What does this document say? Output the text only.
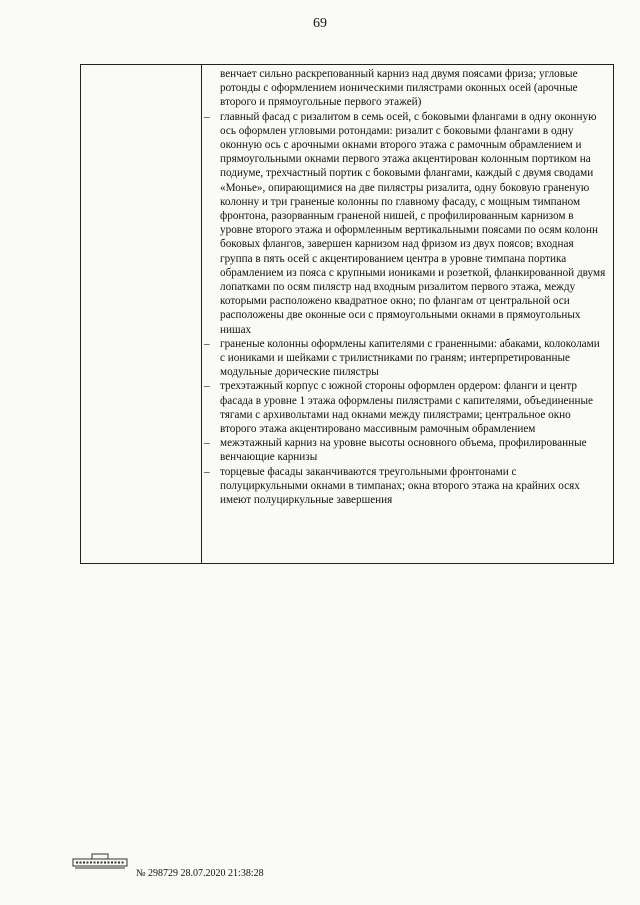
69
венчает сильно раскрепованный карниз над двумя поясами фриза; угловые ротонды с оформлением ионическими пилястрами оконных осей (арочные второго и прямоугольные первого этажей)
– главный фасад с ризалитом в семь осей, с боковыми флангами в одну оконную ось оформлен угловыми ротондами: ризалит с боковыми флангами в одну оконную ось с арочными окнами второго этажа с рамочным обрамлением и прямоугольными окнами первого этажа акцентирован колонным портиком на подиуме, трехчастный портик с боковыми флангами, каждый с двумя сводами «Монье», опирающимися на две пилястры ризалита, одну боковую граненую колонну и три граненые колонны по главному фасаду, с мощным тимпаном фронтона, разорванным граненой нишей, с профилированным карнизом в уровне второго этажа и оформленным вертикальными поясами по осям колонн боковых флангов, завершен карнизом над фризом из двух поясов; входная группа в пять осей с акцентированием центра в уровне тимпана портика обрамлением из пояса с крупными иониками и розеткой, фланкированной двумя лопатками по осям пилястр над входным ризалитом первого этажа, между которыми расположено квадратное окно; по флангам от центральной оси расположены две оконные оси с прямоугольными окнами в прямоугольных нишах
– граненые колонны оформлены капителями с граненными: абаками, колоколами с иониками и шейками с трилистниками по граням; интерпретированные модульные дорические пилястры
– трехэтажный корпус с южной стороны оформлен ордером: фланги и центр фасада в уровне 1 этажа оформлены пилястрами с капителями, объединенные тягами с архивольтами над окнами между пилястрами; центральное окно второго этажа акцентировано массивным рамочным обрамлением
– межэтажный карниз на уровне высоты основного объема, профилированные венчающие карнизы
– торцевые фасады заканчиваются треугольными фронтонами с полуциркульными окнами в тимпанах; окна второго этажа на крайних осях имеют полуциркульные завершения
№ 298729 28.07.2020 21:38:28
